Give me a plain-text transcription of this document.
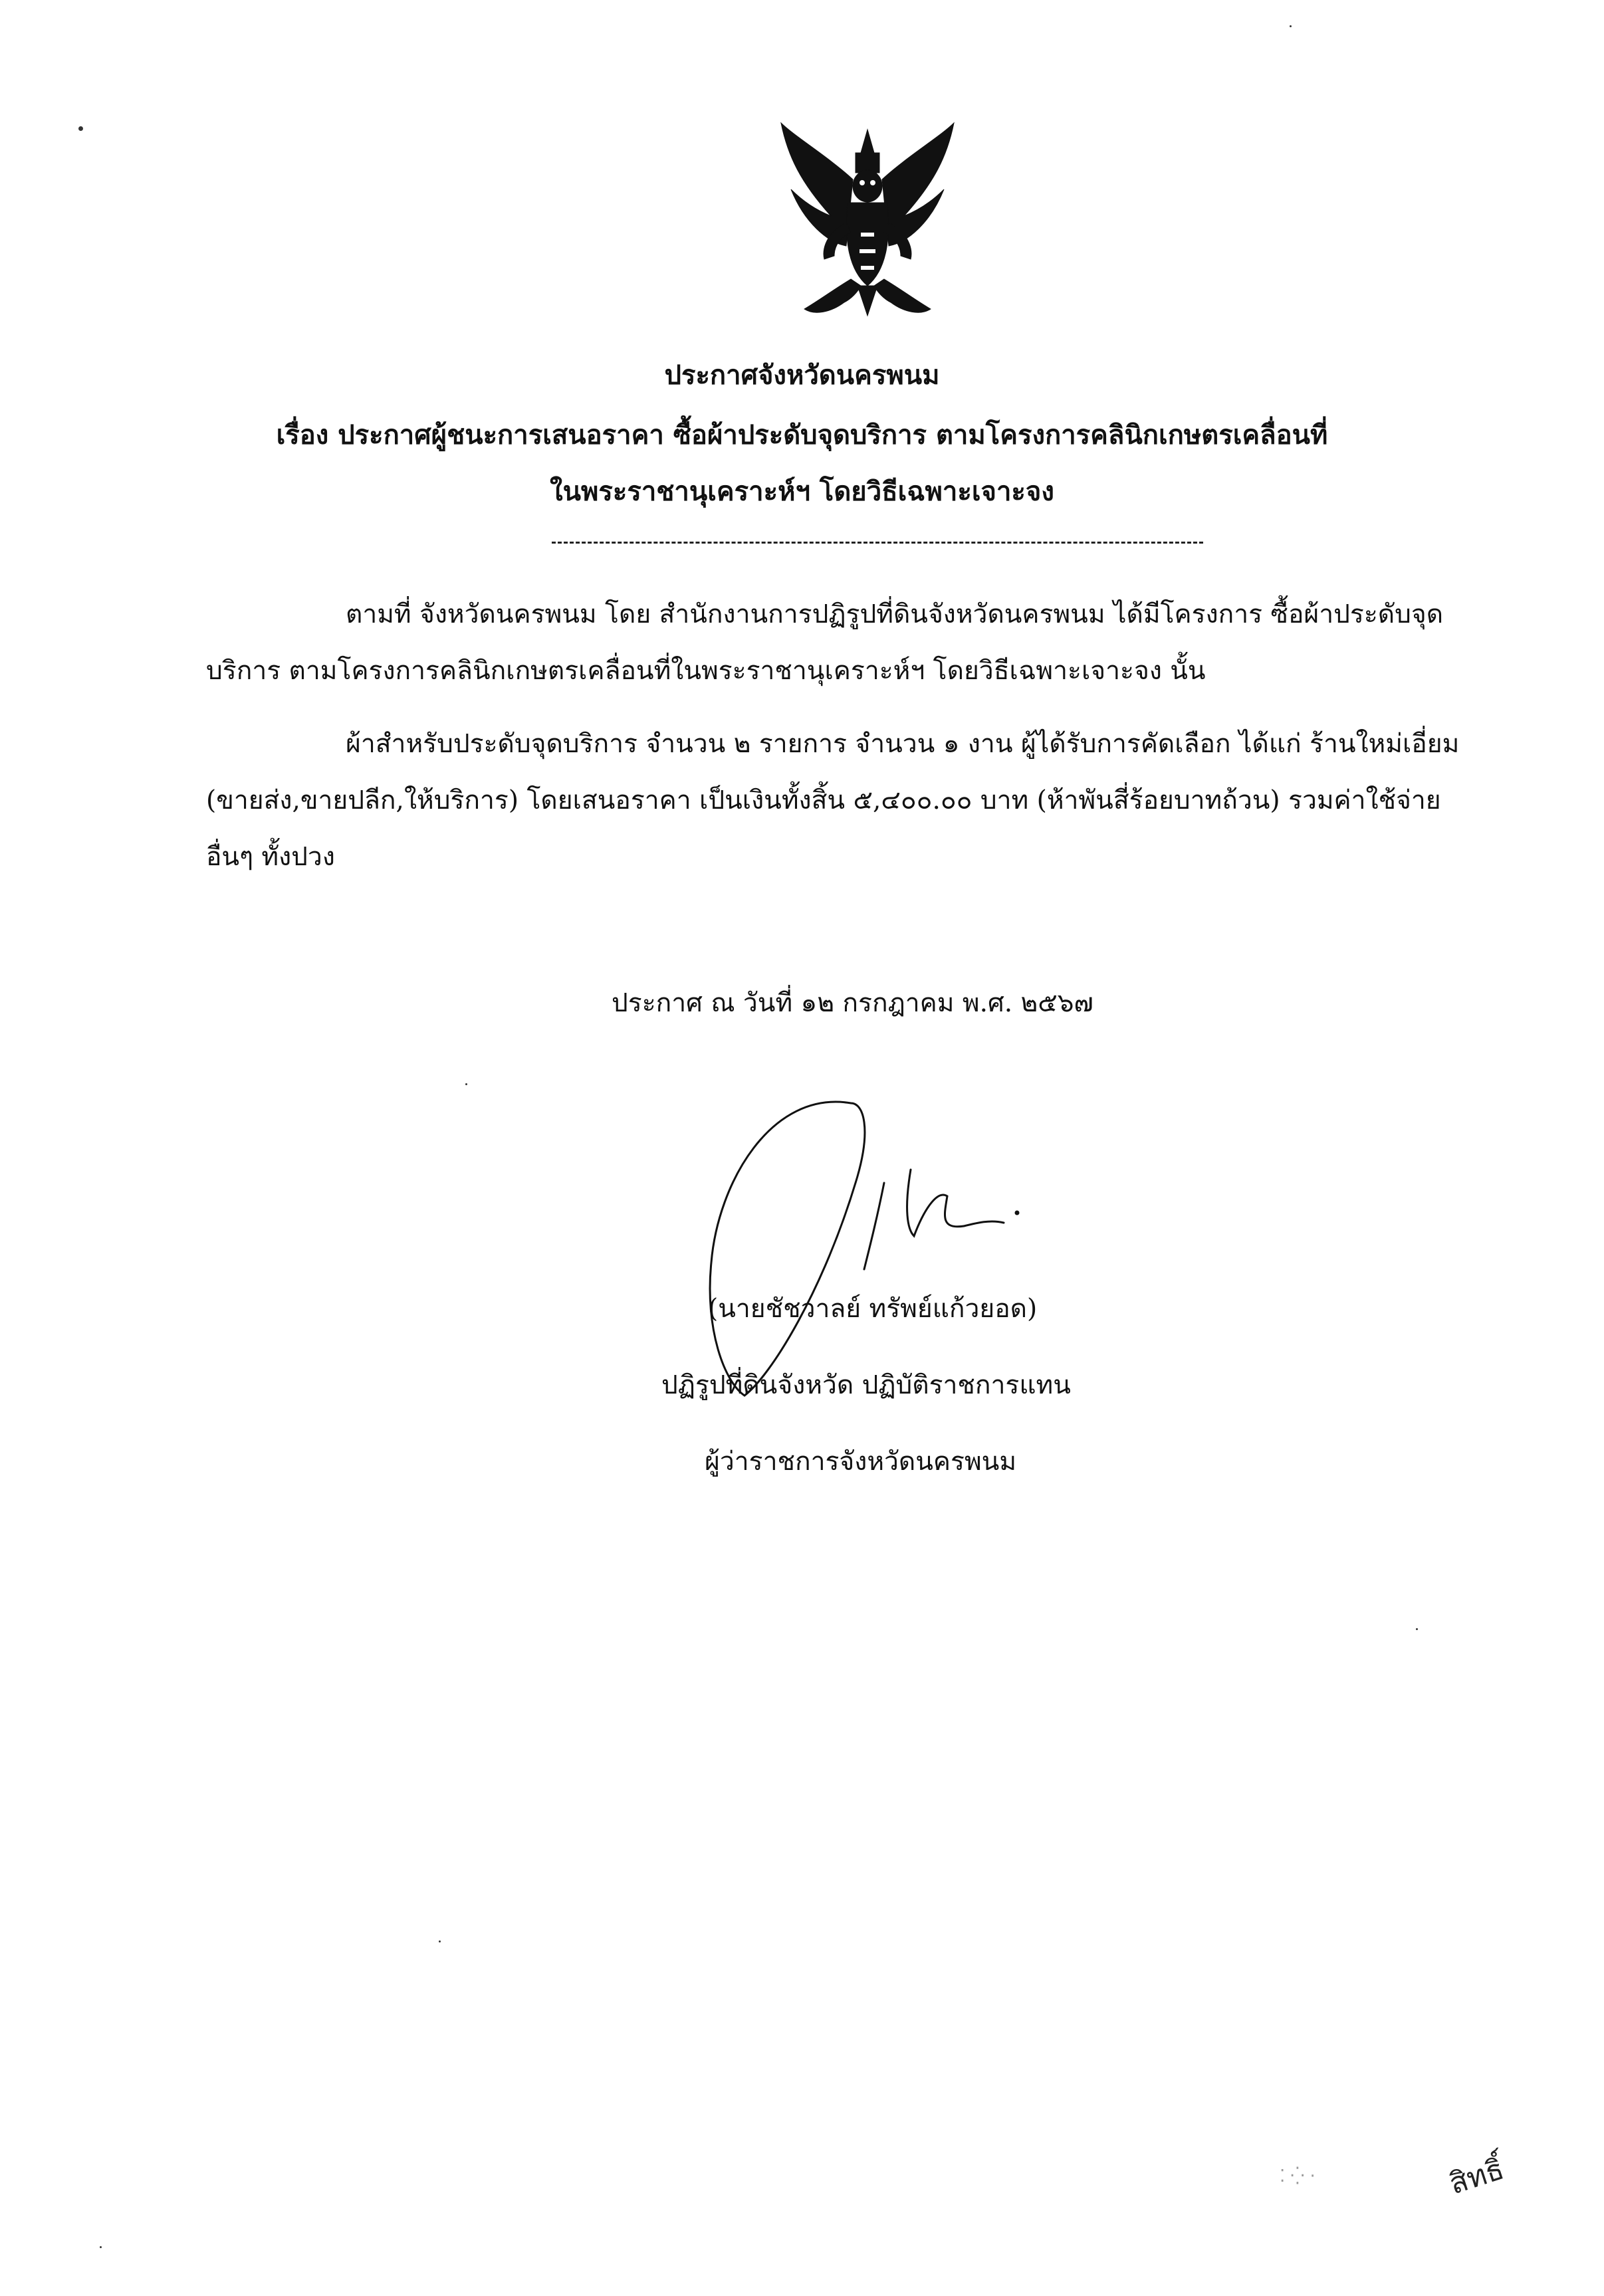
ประกาศจังหวัดนครพนม
เรื่อง ประกาศผู้ชนะการเสนอราคา ซื้อผ้าประดับจุดบริการ ตามโครงการคลินิกเกษตรเคลื่อนที่
ในพระราชานุเคราะห์ฯ โดยวิธีเฉพาะเจาะจง
ตามที่ จังหวัดนครพนม โดย สำนักงานการปฏิรูปที่ดินจังหวัดนครพนม ได้มีโครงการ ซื้อผ้าประดับจุด
บริการ ตามโครงการคลินิกเกษตรเคลื่อนที่ในพระราชานุเคราะห์ฯ โดยวิธีเฉพาะเจาะจง นั้น
ผ้าสำหรับประดับจุดบริการ จำนวน ๒ รายการ จำนวน ๑ งาน ผู้ได้รับการคัดเลือก ได้แก่ ร้านใหม่เอี่ยม
(ขายส่ง,ขายปลีก,ให้บริการ) โดยเสนอราคา เป็นเงินทั้งสิ้น ๕,๔๐๐.๐๐ บาท (ห้าพันสี่ร้อยบาทถ้วน) รวมค่าใช้จ่าย
อื่นๆ ทั้งปวง
ประกาศ ณ วันที่ ๑๒ กรกฎาคม พ.ศ. ๒๕๖๗
(นายชัชวาลย์ ทรัพย์แก้วยอด)
ปฏิรูปที่ดินจังหวัด ปฏิบัติราชการแทน
ผู้ว่าราชการจังหวัดนครพนม
⁚ ⁛ ·	สิทธิ์
